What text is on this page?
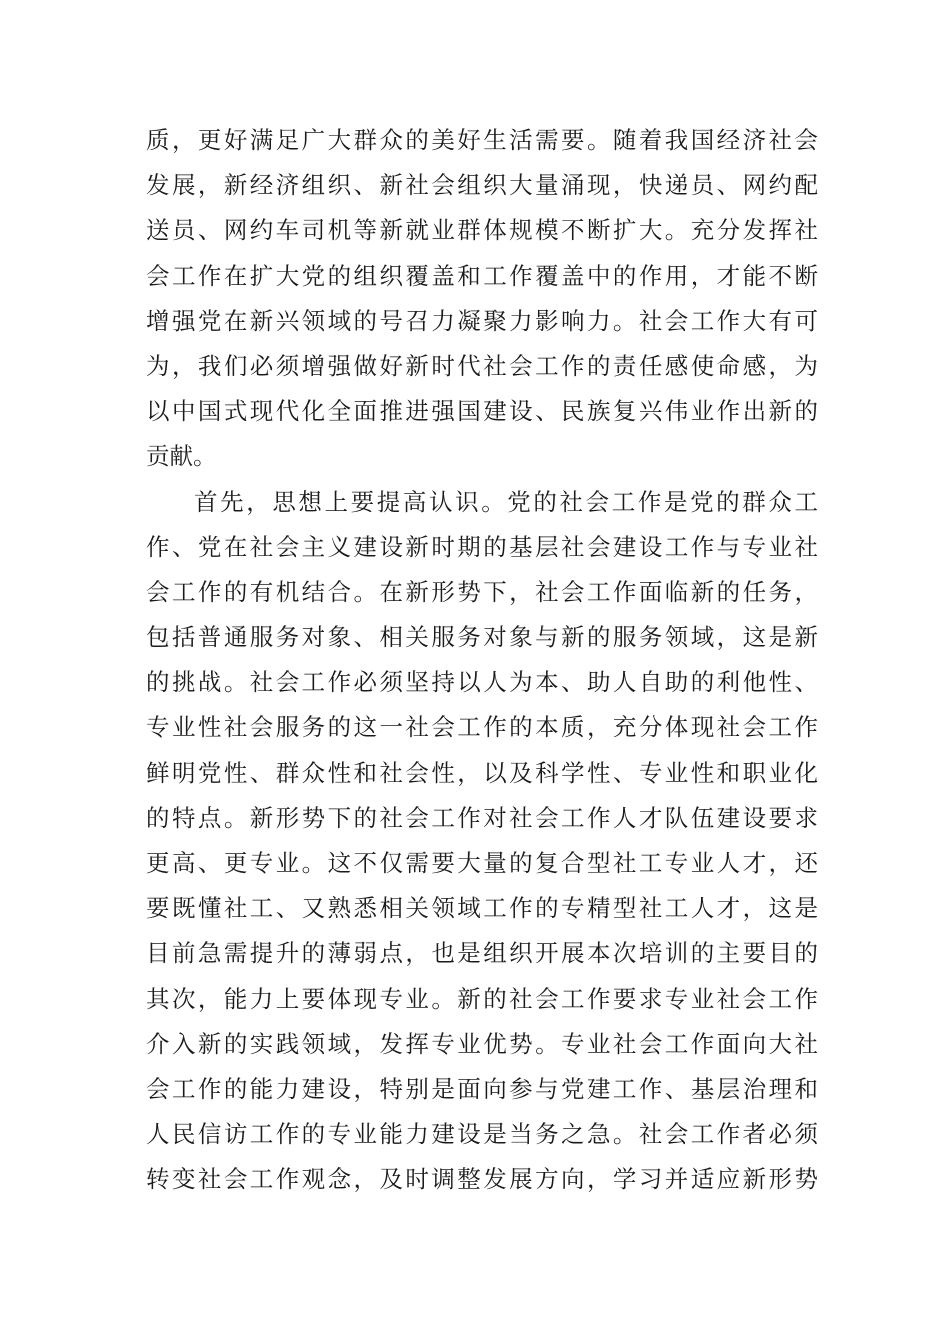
质，更好满足广大群众的美好生活需要。随着我国经济社会
发展，新经济组织、新社会组织大量涌现，快递员、网约配
送员、网约车司机等新就业群体规模不断扩大。充分发挥社
会工作在扩大党的组织覆盖和工作覆盖中的作用，才能不断
增强党在新兴领域的号召力凝聚力影响力。社会工作大有可
为，我们必须增强做好新时代社会工作的责任感使命感，为
以中国式现代化全面推进强国建设、民族复兴伟业作出新的
贡献。
首先，思想上要提高认识。党的社会工作是党的群众工
作、党在社会主义建设新时期的基层社会建设工作与专业社
会工作的有机结合。在新形势下，社会工作面临新的任务，
包括普通服务对象、相关服务对象与新的服务领域，这是新
的挑战。社会工作必须坚持以人为本、助人自助的利他性、
专业性社会服务的这一社会工作的本质，充分体现社会工作
鲜明党性、群众性和社会性，以及科学性、专业性和职业化
的特点。新形势下的社会工作对社会工作人才队伍建设要求
更高、更专业。这不仅需要大量的复合型社工专业人才，还
要既懂社工、又熟悉相关领域工作的专精型社工人才，这是
目前急需提升的薄弱点，也是组织开展本次培训的主要目的
其次，能力上要体现专业。新的社会工作要求专业社会工作
介入新的实践领域，发挥专业优势。专业社会工作面向大社
会工作的能力建设，特别是面向参与党建工作、基层治理和
人民信访工作的专业能力建设是当务之急。社会工作者必须
转变社会工作观念，及时调整发展方向，学习并适应新形势
